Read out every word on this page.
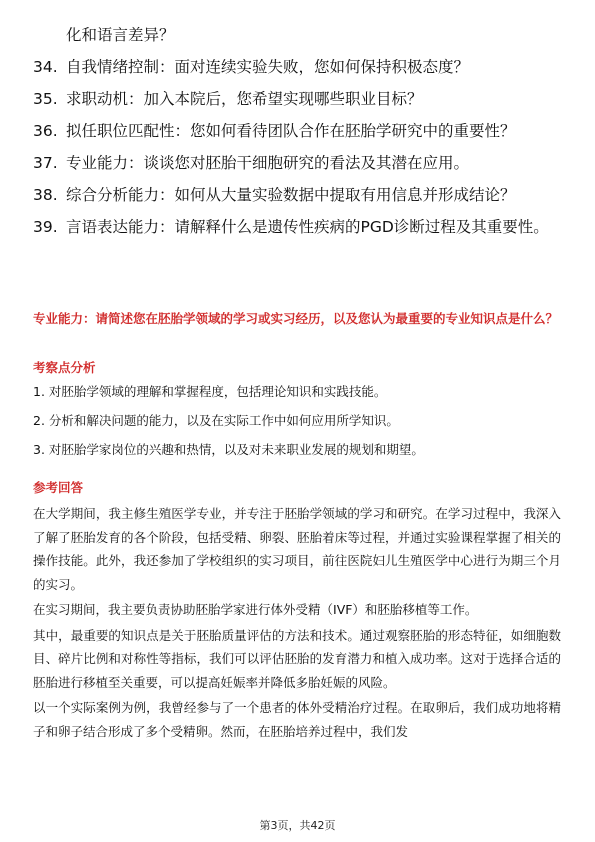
化和语言差异？
34. 自我情绪控制：面对连续实验失败，您如何保持积极态度？
35. 求职动机：加入本院后，您希望实现哪些职业目标？
36. 拟任职位匹配性：您如何看待团队合作在胚胎学研究中的重要性？
37. 专业能力：谈谈您对胚胎干细胞研究的看法及其潜在应用。
38. 综合分析能力：如何从大量实验数据中提取有用信息并形成结论？
39. 言语表达能力：请解释什么是遗传性疾病的PGD诊断过程及其重要性。
专业能力：请简述您在胚胎学领域的学习或实习经历，以及您认为最重要的专业知识点是什么？
考察点分析
1. 对胚胎学领域的理解和掌握程度，包括理论知识和实践技能。
2. 分析和解决问题的能力，以及在实际工作中如何应用所学知识。
3. 对胚胎学家岗位的兴趣和热情，以及对未来职业发展的规划和期望。
参考回答

在大学期间，我主修生殖医学专业，并专注于胚胎学领域的学习和研究。在学习过程中，我深入了解了胚胎发育的各个阶段，包括受精、卵裂、胚胎着床等过程，并通过实验课程掌握了相关的操作技能。此外，我还参加了学校组织的实习项目，前往医院妇儿生殖医学中心进行为期三个月的实习。

在实习期间，我主要负责协助胚胎学家进行体外受精（IVF）和胚胎移植等工作。

其中，最重要的知识点是关于胚胎质量评估的方法和技术。通过观察胚胎的形态特征，如细胞数目、碎片比例和对称性等指标，我们可以评估胚胎的发育潜力和植入成功率。这对于选择合适的胚胎进行移植至关重要，可以提高妊娠率并降低多胎妊娠的风险。

以一个实际案例为例，我曾经参与了一个患者的体外受精治疗过程。在取卵后，我们成功地将精子和卵子结合形成了多个受精卵。然而，在胚胎培养过程中，我们发

第3页，共42页
